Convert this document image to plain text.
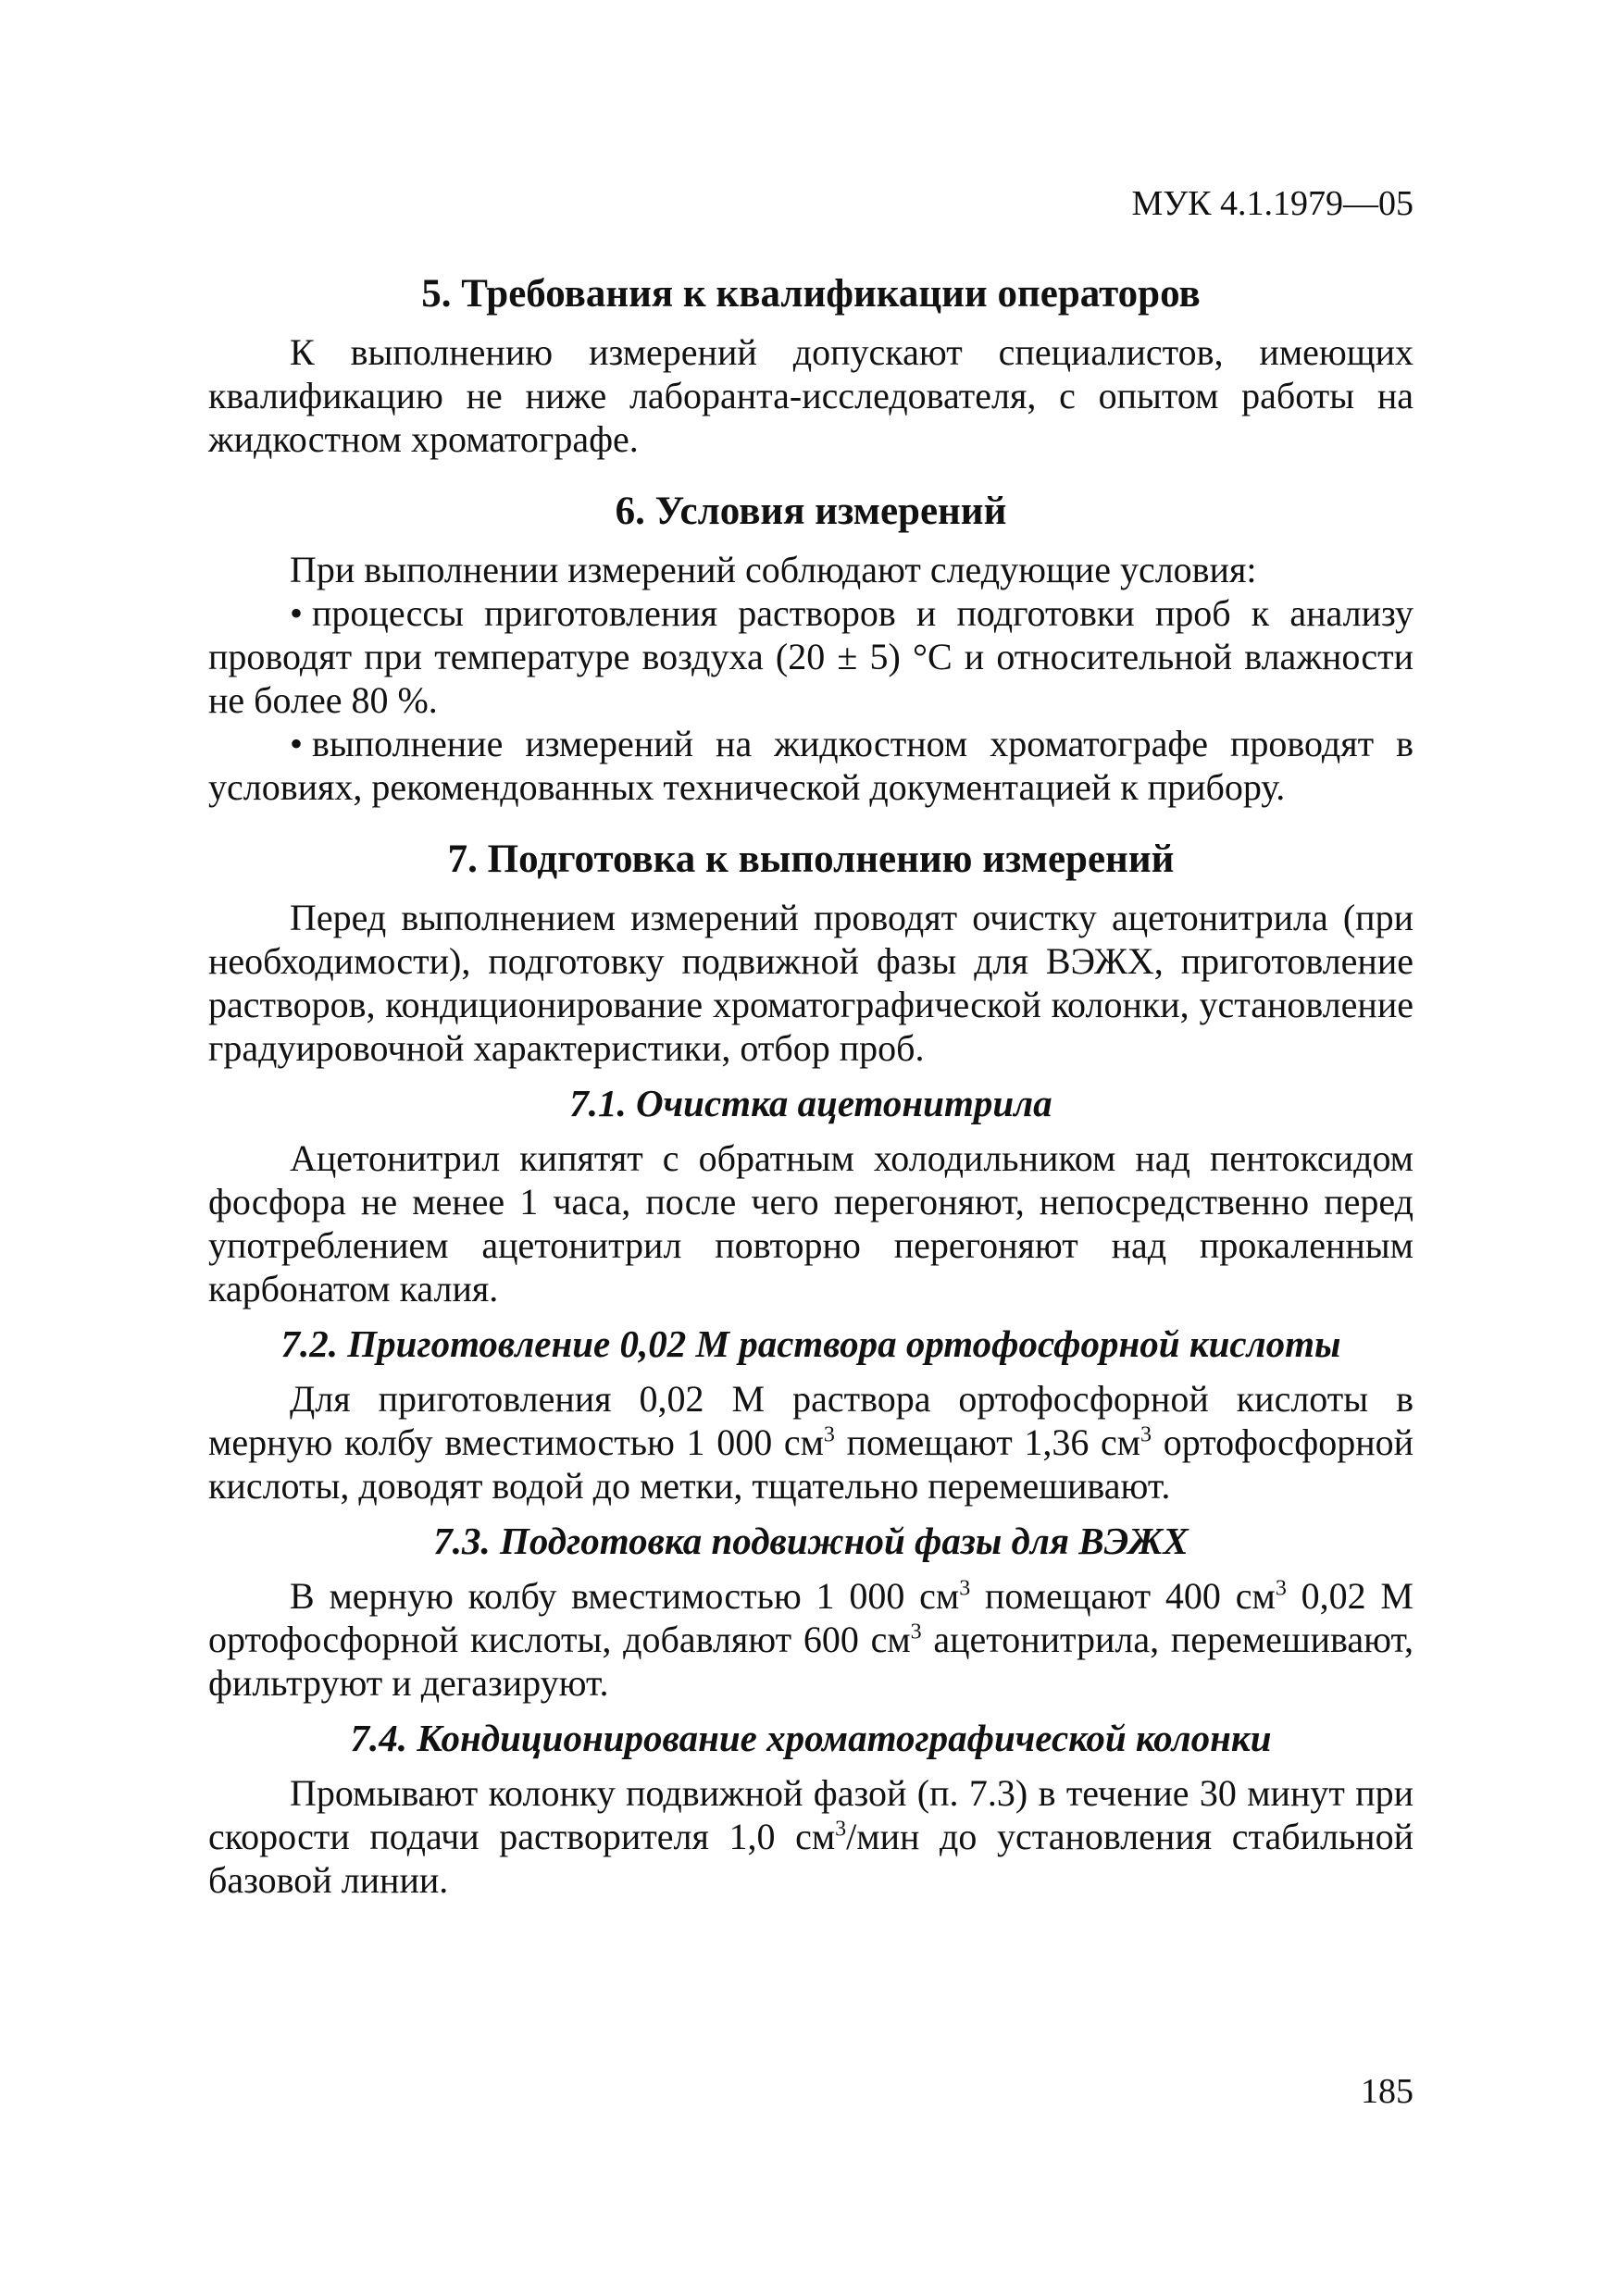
МУК 4.1.1979—05
5. Требования к квалификации операторов

К выполнению измерений допускают специалистов, имеющих квалификацию не ниже лаборанта-исследователя, с опытом работы на жидкостном хроматографе.

6. Условия измерений

При выполнении измерений соблюдают следующие условия:

• процессы приготовления растворов и подготовки проб к анализу проводят при температуре воздуха (20 ± 5) °С и относительной влажности не более 80 %.

• выполнение измерений на жидкостном хроматографе проводят в условиях, рекомендованных технической документацией к прибору.

7. Подготовка к выполнению измерений

Перед выполнением измерений проводят очистку ацетонитрила (при необходимости), подготовку подвижной фазы для ВЭЖХ, приготовление растворов, кондиционирование хроматографической колонки, установление градуировочной характеристики, отбор проб.

7.1. Очистка ацетонитрила

Ацетонитрил кипятят с обратным холодильником над пентоксидом фосфора не менее 1 часа, после чего перегоняют, непосредственно перед употреблением ацетонитрил повторно перегоняют над прокаленным карбонатом калия.

7.2. Приготовление 0,02 М раствора ортофосфорной кислоты

Для приготовления 0,02 М раствора ортофосфорной кислоты в мерную колбу вместимостью 1 000 $см^3$ помещают 1,36 $см^3$ ортофосфорной кислоты, доводят водой до метки, тщательно перемешивают.

7.3. Подготовка подвижной фазы для ВЭЖХ

В мерную колбу вместимостью 1 000 $см^3$ помещают 400 $см^3$ 0,02 М ортофосфорной кислоты, добавляют 600 $см^3$ ацетонитрила, перемешивают, фильтруют и дегазируют.

7.4. Кондиционирование хроматографической колонки

Промывают колонку подвижной фазой (п. 7.3) в течение 30 минут при скорости подачи растворителя 1,0 $см^3$/мин до установления стабильной базовой линии.

185
